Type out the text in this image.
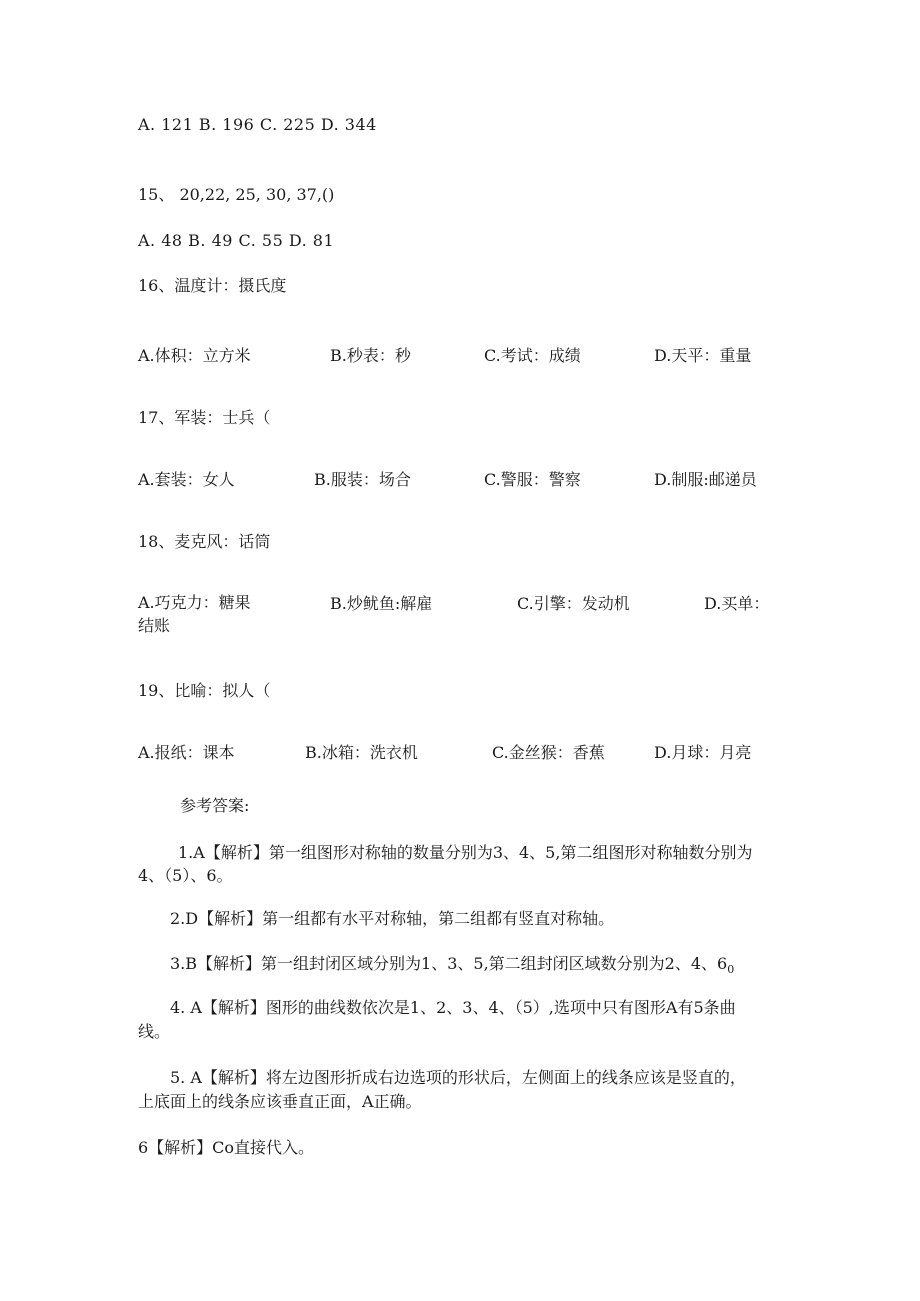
A. 121 B. 196 C. 225 D. 344
15、 20,22, 25, 30, 37,()
A. 48 B. 49 C. 55 D. 81
16、温度计：摄氏度
A.体积：立方米	B.秒表：秒	C.考试：成绩	D.天平：重量
17、军装：士兵（
A.套装：女人	B.服装：场合	C.警服：警察	D.制服:邮递员
18、麦克风：话筒
A.巧克力：糖果	B.炒鱿鱼:解雇	C.引擎：发动机	D.买单：
结账
19、比喻：拟人（
A.报纸：课本	B.冰箱：洗衣机	C.金丝猴：香蕉	D.月球：月亮
参考答案:
1.A【解析】第一组图形对称轴的数量分别为3、4、5,第二组图形对称轴数分别为
4、（5）、6。
2.D【解析】第一组都有水平对称轴，第二组都有竖直对称轴。
3.B【解析】第一组封闭区域分别为1、3、5,第二组封闭区域数分别为2、4、$6_0$
4. A【解析】图形的曲线数依次是1、2、3、4、（5）,选项中只有图形A有5条曲
线。
5. A【解析】将左边图形折成右边选项的形状后，左侧面上的线条应该是竖直的，
上底面上的线条应该垂直正面，A正确。
6【解析】Co直接代入。
